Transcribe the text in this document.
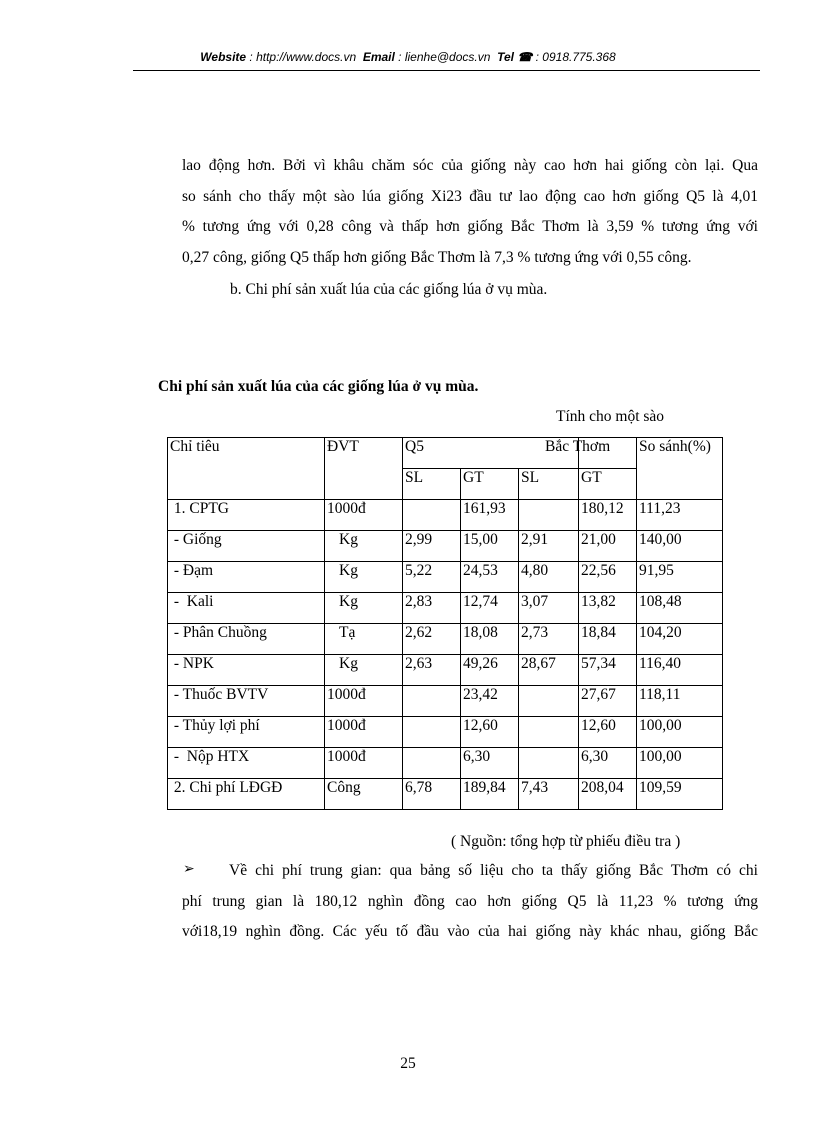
Website : http://www.docs.vn Email : lienhe@docs.vn Tel ☎ : 0918.775.368
lao động hơn. Bởi vì khâu chăm sóc của giống này cao hơn hai giống còn lại. Qua
so sánh cho thấy một sào lúa giống Xi23 đầu tư lao động cao hơn giống Q5 là 4,01
% tương ứng với 0,28 công và thấp hơn giống Bắc Thơm là 3,59 % tương ứng với
0,27 công, giống Q5 thấp hơn giống Bắc Thơm là 7,3 % tương ứng với 0,55 công.
b. Chi phí sản xuất lúa của các giống lúa ở vụ mùa.
Chi phí sản xuất lúa của các giống lúa ở vụ mùa.
Tính cho một sào
Chỉ tiêu	ĐVT	Q5			Bắc Thơm	So sánh(%)
		SL	GT	SL	GT	
1. CPTG	1000đ		161,93		180,12	111,23
- Giống	Kg	2,99	15,00	2,91	21,00	140,00
- Đạm	Kg	5,22	24,53	4,80	22,56	91,95
-  Kali	Kg	2,83	12,74	3,07	13,82	108,48
- Phân Chuồng	Tạ	2,62	18,08	2,73	18,84	104,20
- NPK	Kg	2,63	49,26	28,67	57,34	116,40
- Thuốc BVTV	1000đ		23,42		27,67	118,11
- Thủy lợi phí	1000đ		12,60		12,60	100,00
-  Nộp HTX	1000đ		6,30		6,30	100,00
2. Chi phí LĐGĐ	Công	6,78	189,84	7,43	208,04	109,59
( Nguồn: tổng hợp từ phiếu điều tra )
➢	Về chi phí trung gian: qua bảng số liệu cho ta thấy giống Bắc Thơm có chi
phí trung gian là 180,12 nghìn đồng cao hơn giống Q5 là 11,23 % tương ứng
với18,19 nghìn đồng. Các yếu tố đầu vào của hai giống này khác nhau, giống Bắc
25
